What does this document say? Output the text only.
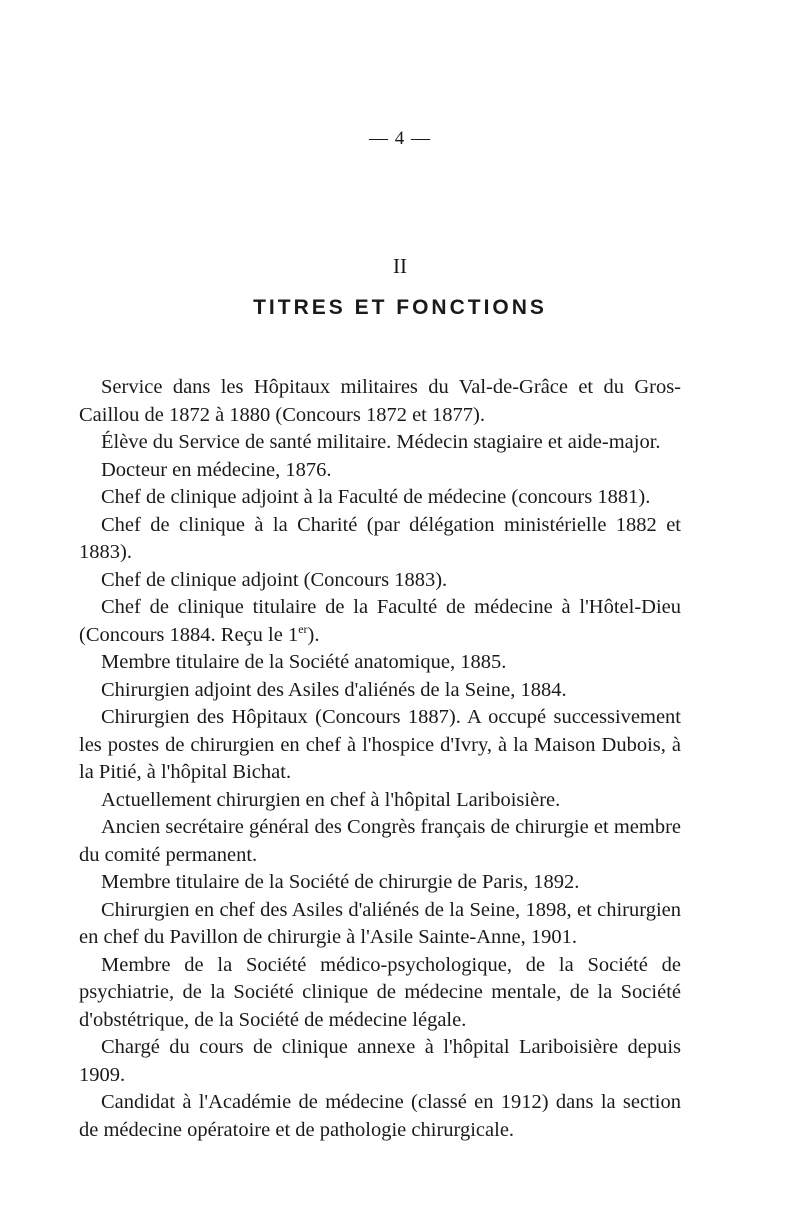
— 4 —
II
TITRES ET FONCTIONS

Service dans les Hôpitaux militaires du Val-de-Grâce et du Gros-Caillou de 1872 à 1880 (Concours 1872 et 1877).

Élève du Service de santé militaire. Médecin stagiaire et aide-major.

Docteur en médecine, 1876.

Chef de clinique adjoint à la Faculté de médecine (concours 1881).

Chef de clinique à la Charité (par délégation ministérielle 1882 et 1883).

Chef de clinique adjoint (Concours 1883).

Chef de clinique titulaire de la Faculté de médecine à l'Hôtel-Dieu (Concours 1884. Reçu le 1er).

Membre titulaire de la Société anatomique, 1885.

Chirurgien adjoint des Asiles d'aliénés de la Seine, 1884.

Chirurgien des Hôpitaux (Concours 1887). A occupé successivement les postes de chirurgien en chef à l'hospice d'Ivry, à la Maison Dubois, à la Pitié, à l'hôpital Bichat.

Actuellement chirurgien en chef à l'hôpital Lariboisière.

Ancien secrétaire général des Congrès français de chirurgie et membre du comité permanent.

Membre titulaire de la Société de chirurgie de Paris, 1892.

Chirurgien en chef des Asiles d'aliénés de la Seine, 1898, et chirurgien en chef du Pavillon de chirurgie à l'Asile Sainte-Anne, 1901.

Membre de la Société médico-psychologique, de la Société de psychiatrie, de la Société clinique de médecine mentale, de la Société d'obstétrique, de la Société de médecine légale.

Chargé du cours de clinique annexe à l'hôpital Lariboisière depuis 1909.

Candidat à l'Académie de médecine (classé en 1912) dans la section de médecine opératoire et de pathologie chirurgicale.
